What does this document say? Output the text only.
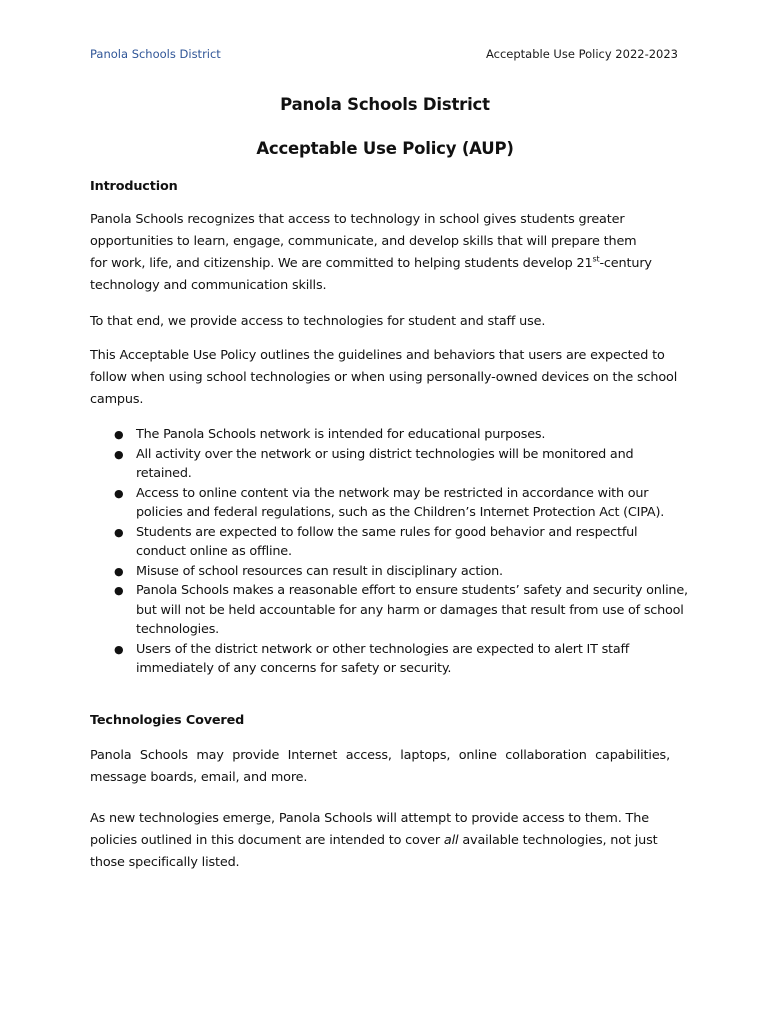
Panola Schools District	Acceptable Use Policy 2022-2023
Panola Schools District
Acceptable Use Policy (AUP)
Introduction
Panola Schools recognizes that access to technology in school gives students greater
opportunities to learn, engage, communicate, and develop skills that will prepare them
for work, life, and citizenship. We are committed to helping students develop 21st-century
technology and communication skills.
To that end, we provide access to technologies for student and staff use.
This Acceptable Use Policy outlines the guidelines and behaviors that users are expected to
follow when using school technologies or when using personally-owned devices on the school
campus.
● The Panola Schools network is intended for educational purposes.
● All activity over the network or using district technologies will be monitored and retained.
● Access to online content via the network may be restricted in accordance with our policies and federal regulations, such as the Children’s Internet Protection Act (CIPA).
● Students are expected to follow the same rules for good behavior and respectful conduct online as offline.
● Misuse of school resources can result in disciplinary action.
● Panola Schools makes a reasonable effort to ensure students’ safety and security online, but will not be held accountable for any harm or damages that result from use of school technologies.
● Users of the district network or other technologies are expected to alert IT staff immediately of any concerns for safety or security.
Technologies Covered
Panola Schools may provide Internet access, laptops, online collaboration capabilities, message boards, email, and more.
As new technologies emerge, Panola Schools will attempt to provide access to them. The policies outlined in this document are intended to cover all available technologies, not just those specifically listed.
